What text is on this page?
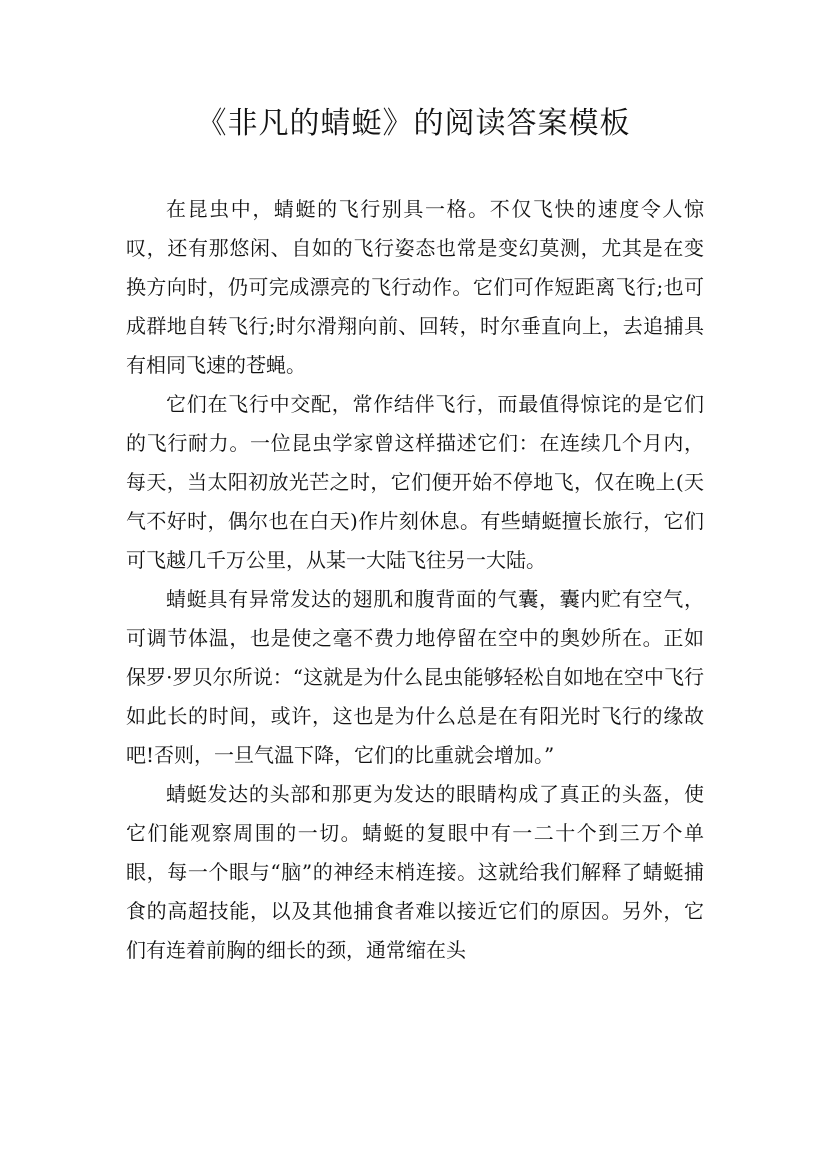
《非凡的蜻蜓》的阅读答案模板

在昆虫中，蜻蜓的飞行别具一格。不仅飞快的速度令人惊叹，还有那悠闲、自如的飞行姿态也常是变幻莫测，尤其是在变换方向时，仍可完成漂亮的飞行动作。它们可作短距离飞行;也可成群地自转飞行;时尔滑翔向前、回转，时尔垂直向上，去追捕具有相同飞速的苍蝇。

它们在飞行中交配，常作结伴飞行，而最值得惊诧的是它们的飞行耐力。一位昆虫学家曾这样描述它们：在连续几个月内，每天，当太阳初放光芒之时，它们便开始不停地飞，仅在晚上(天气不好时，偶尔也在白天)作片刻休息。有些蜻蜓擅长旅行，它们可飞越几千万公里，从某一大陆飞往另一大陆。

蜻蜓具有异常发达的翅肌和腹背面的气囊，囊内贮有空气，可调节体温，也是使之毫不费力地停留在空中的奥妙所在。正如保罗·罗贝尔所说：“这就是为什么昆虫能够轻松自如地在空中飞行如此长的时间，或许，这也是为什么总是在有阳光时飞行的缘故吧!否则，一旦气温下降，它们的比重就会增加。”

蜻蜓发达的头部和那更为发达的眼睛构成了真正的头盔，使它们能观察周围的一切。蜻蜓的复眼中有一二十个到三万个单眼，每一个眼与“脑”的神经末梢连接。这就给我们解释了蜻蜓捕食的高超技能，以及其他捕食者难以接近它们的原因。另外，它们有连着前胸的细长的颈，通常缩在头
